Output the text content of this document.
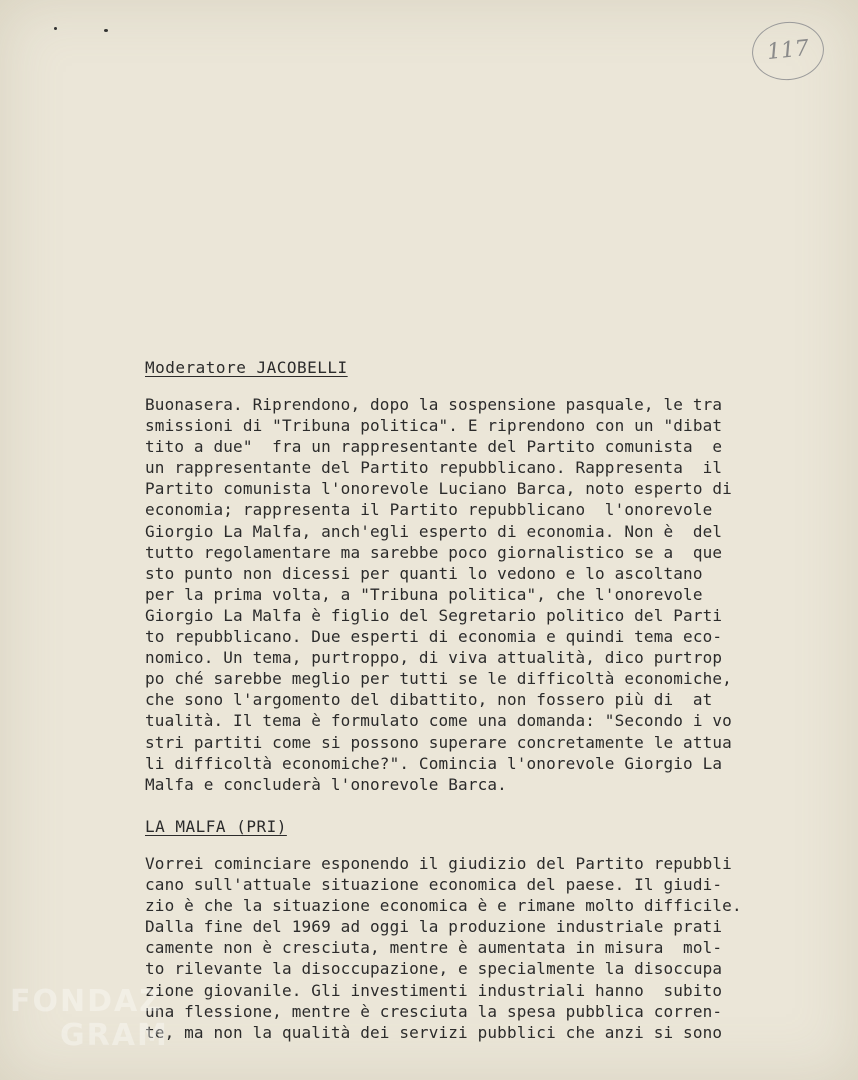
117
Moderatore JACOBELLI
Buonasera. Riprendono, dopo la sospensione pasquale, le tra
smissioni di "Tribuna politica". E riprendono con un "dibat
tito a due"  fra un rappresentante del Partito comunista  e
un rappresentante del Partito repubblicano. Rappresenta  il
Partito comunista l'onorevole Luciano Barca, noto esperto di
economia; rappresenta il Partito repubblicano  l'onorevole
Giorgio La Malfa, anch'egli esperto di economia. Non è  del
tutto regolamentare ma sarebbe poco giornalistico se a  que
sto punto non dicessi per quanti lo vedono e lo ascoltano
per la prima volta, a "Tribuna politica", che l'onorevole
Giorgio La Malfa è figlio del Segretario politico del Parti
to repubblicano. Due esperti di economia e quindi tema eco-
nomico. Un tema, purtroppo, di viva attualità, dico purtrop
po ché sarebbe meglio per tutti se le difficoltà economiche,
che sono l'argomento del dibattito, non fossero più di  at
tualità. Il tema è formulato come una domanda: "Secondo i vo
stri partiti come si possono superare concretamente le attua
li difficoltà economiche?". Comincia l'onorevole Giorgio La
Malfa e concluderà l'onorevole Barca.
LA MALFA (PRI)
Vorrei cominciare esponendo il giudizio del Partito repubbli
cano sull'attuale situazione economica del paese. Il giudi-
zio è che la situazione economica è e rimane molto difficile.
Dalla fine del 1969 ad oggi la produzione industriale prati
camente non è cresciuta, mentre è aumentata in misura  mol-
to rilevante la disoccupazione, e specialmente la disoccupa
zione giovanile. Gli investimenti industriali hanno  subito
una flessione, mentre è cresciuta la spesa pubblica corren-
te, ma non la qualità dei servizi pubblici che anzi si sono
FONDAZ
GRAM
